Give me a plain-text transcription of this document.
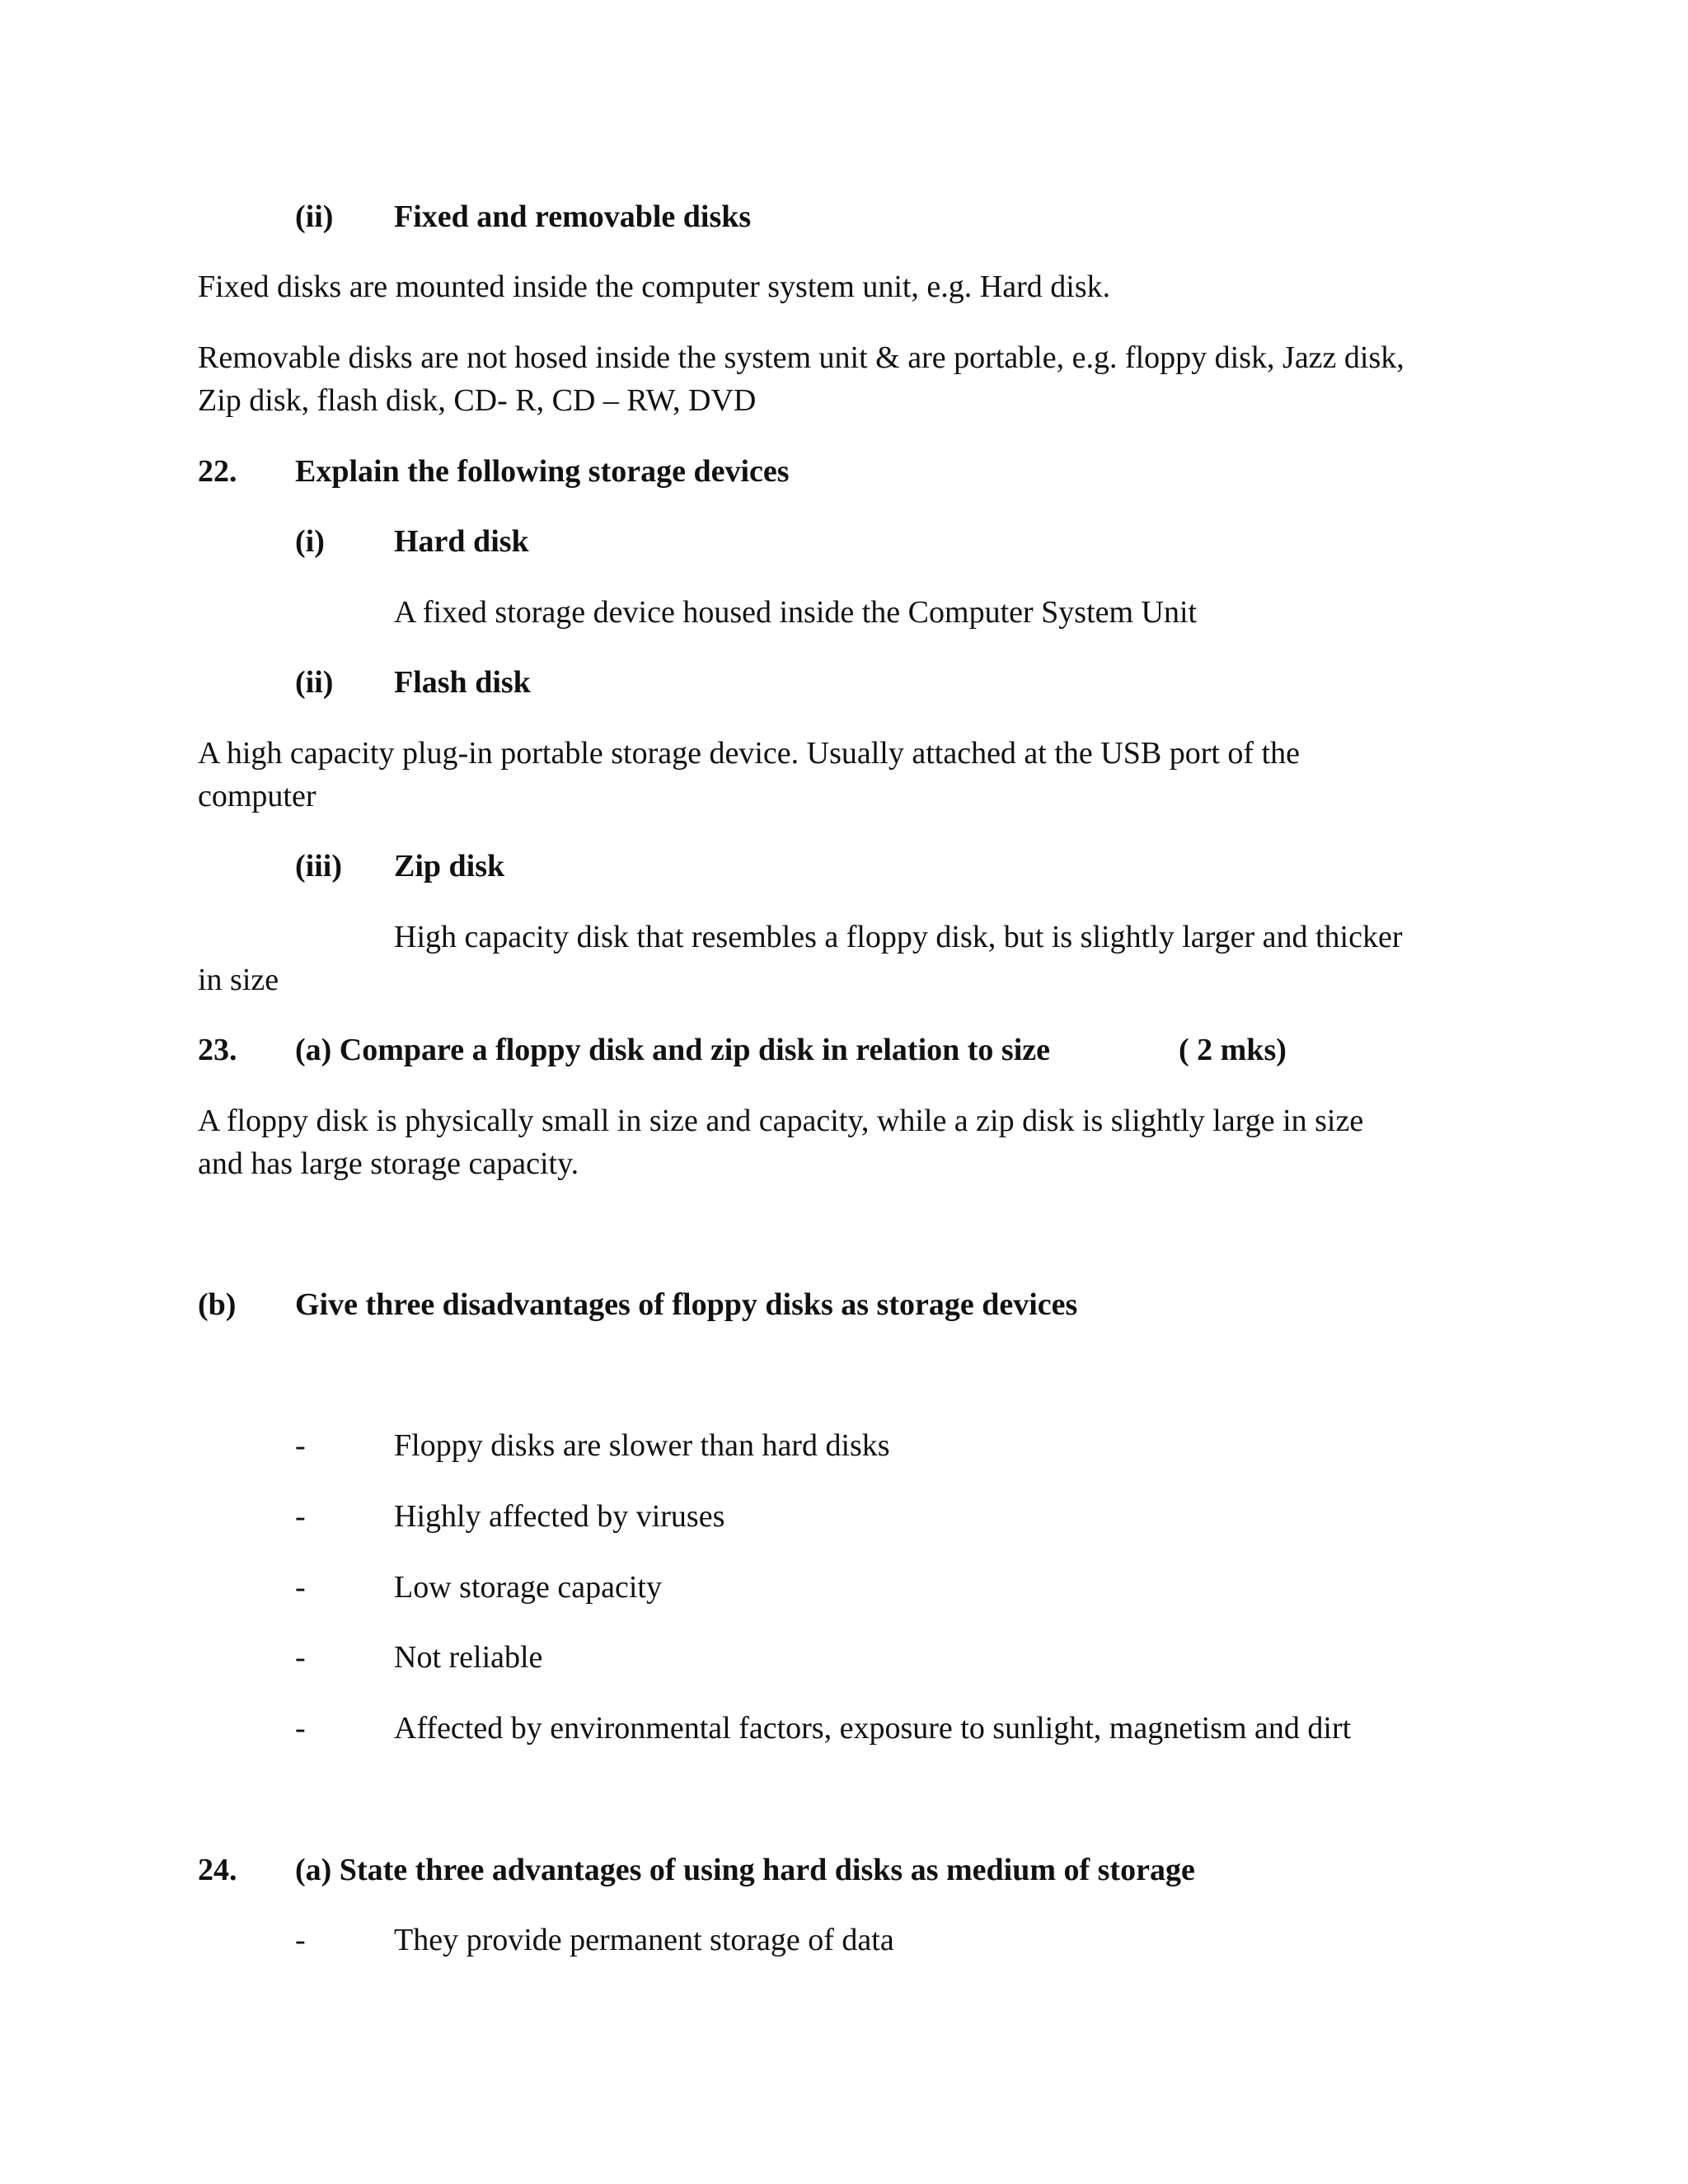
(ii) Fixed and removable disks
Fixed disks are mounted inside the computer system unit, e.g. Hard disk.
Removable disks are not hosed inside the system unit & are portable, e.g. floppy disk, Jazz disk,
Zip disk, flash disk, CD- R, CD – RW, DVD
22. Explain the following storage devices
(i) Hard disk
A fixed storage device housed inside the Computer System Unit
(ii) Flash disk
A high capacity plug-in portable storage device. Usually attached at the USB port of the
computer
(iii) Zip disk
High capacity disk that resembles a floppy disk, but is slightly larger and thicker
in size
23. (a) Compare a floppy disk and zip disk in relation to size	( 2 mks)
A floppy disk is physically small in size and capacity, while a zip disk is slightly large in size
and has large storage capacity.
(b) Give three disadvantages of floppy disks as storage devices
-	Floppy disks are slower than hard disks
-	Highly affected by viruses
-	Low storage capacity
-	Not reliable
-	Affected by environmental factors, exposure to sunlight, magnetism and dirt
24. (a) State three advantages of using hard disks as medium of storage
-	They provide permanent storage of data
